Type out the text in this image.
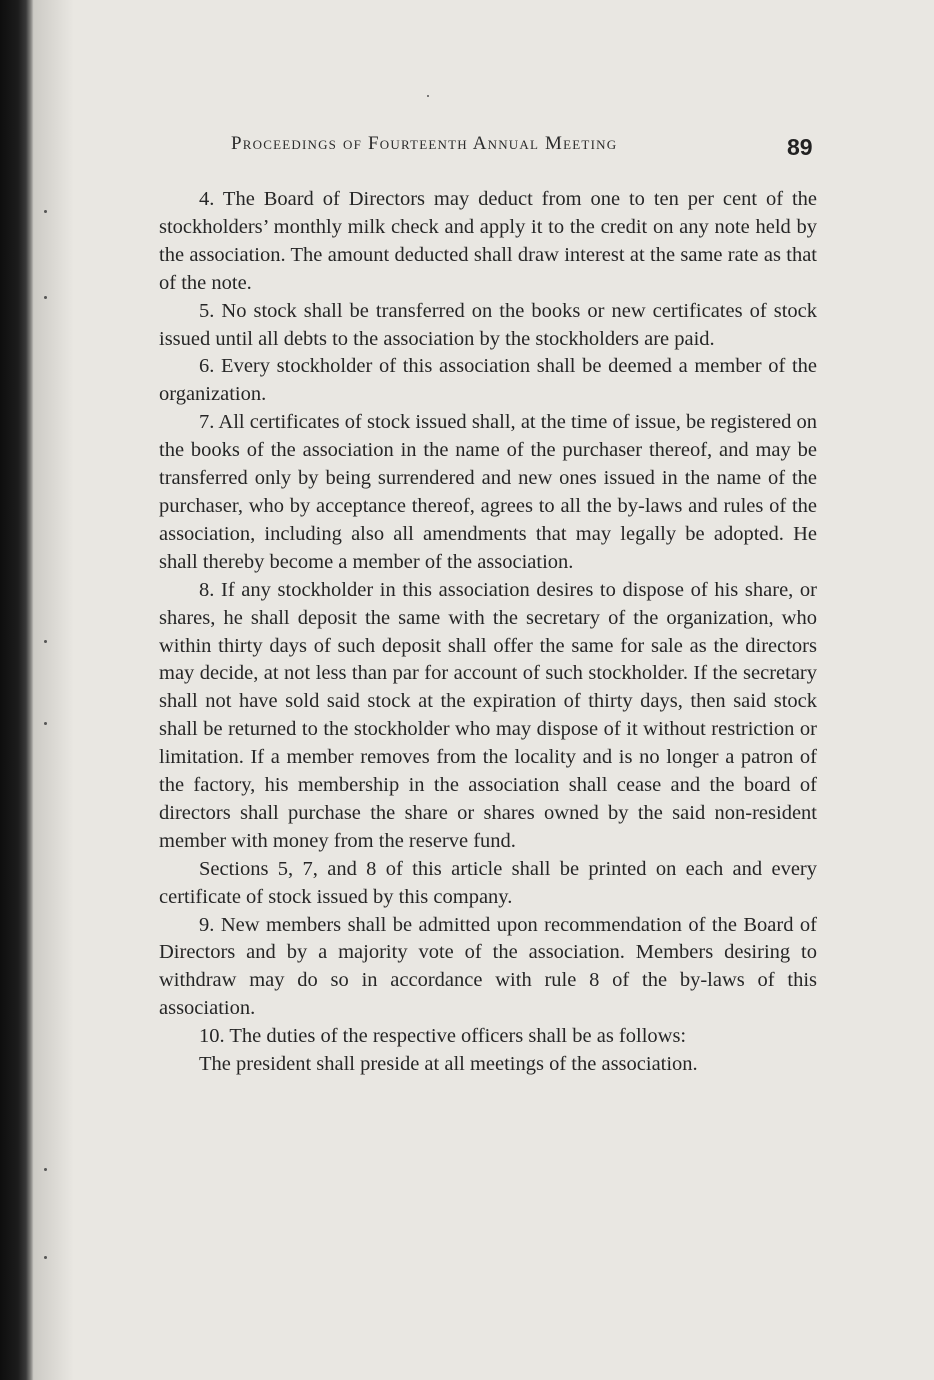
Proceedings of Fourteenth Annual Meeting	89

4. The Board of Directors may deduct from one to ten per cent of the stockholders’ monthly milk check and apply it to the credit on any note held by the association. The amount deducted shall draw interest at the same rate as that of the note.

5. No stock shall be transferred on the books or new certificates of stock issued until all debts to the association by the stockholders are paid.

6. Every stockholder of this association shall be deemed a member of the organization.

7. All certificates of stock issued shall, at the time of issue, be registered on the books of the association in the name of the purchaser thereof, and may be transferred only by being surrendered and new ones issued in the name of the purchaser, who by acceptance thereof, agrees to all the by-laws and rules of the association, including also all amendments that may legally be adopted. He shall thereby become a member of the association.

8. If any stockholder in this association desires to dispose of his share, or shares, he shall deposit the same with the secretary of the organization, who within thirty days of such deposit shall offer the same for sale as the directors may decide, at not less than par for account of such stockholder. If the secretary shall not have sold said stock at the expiration of thirty days, then said stock shall be returned to the stockholder who may dispose of it without restriction or limitation. If a member removes from the locality and is no longer a patron of the factory, his membership in the association shall cease and the board of directors shall purchase the share or shares owned by the said non-resident member with money from the reserve fund.

Sections 5, 7, and 8 of this article shall be printed on each and every certificate of stock issued by this company.

9. New members shall be admitted upon recommendation of the Board of Directors and by a majority vote of the association. Members desiring to withdraw may do so in accordance with rule 8 of the by-laws of this association.

10. The duties of the respective officers shall be as follows:

The president shall preside at all meetings of the association.
